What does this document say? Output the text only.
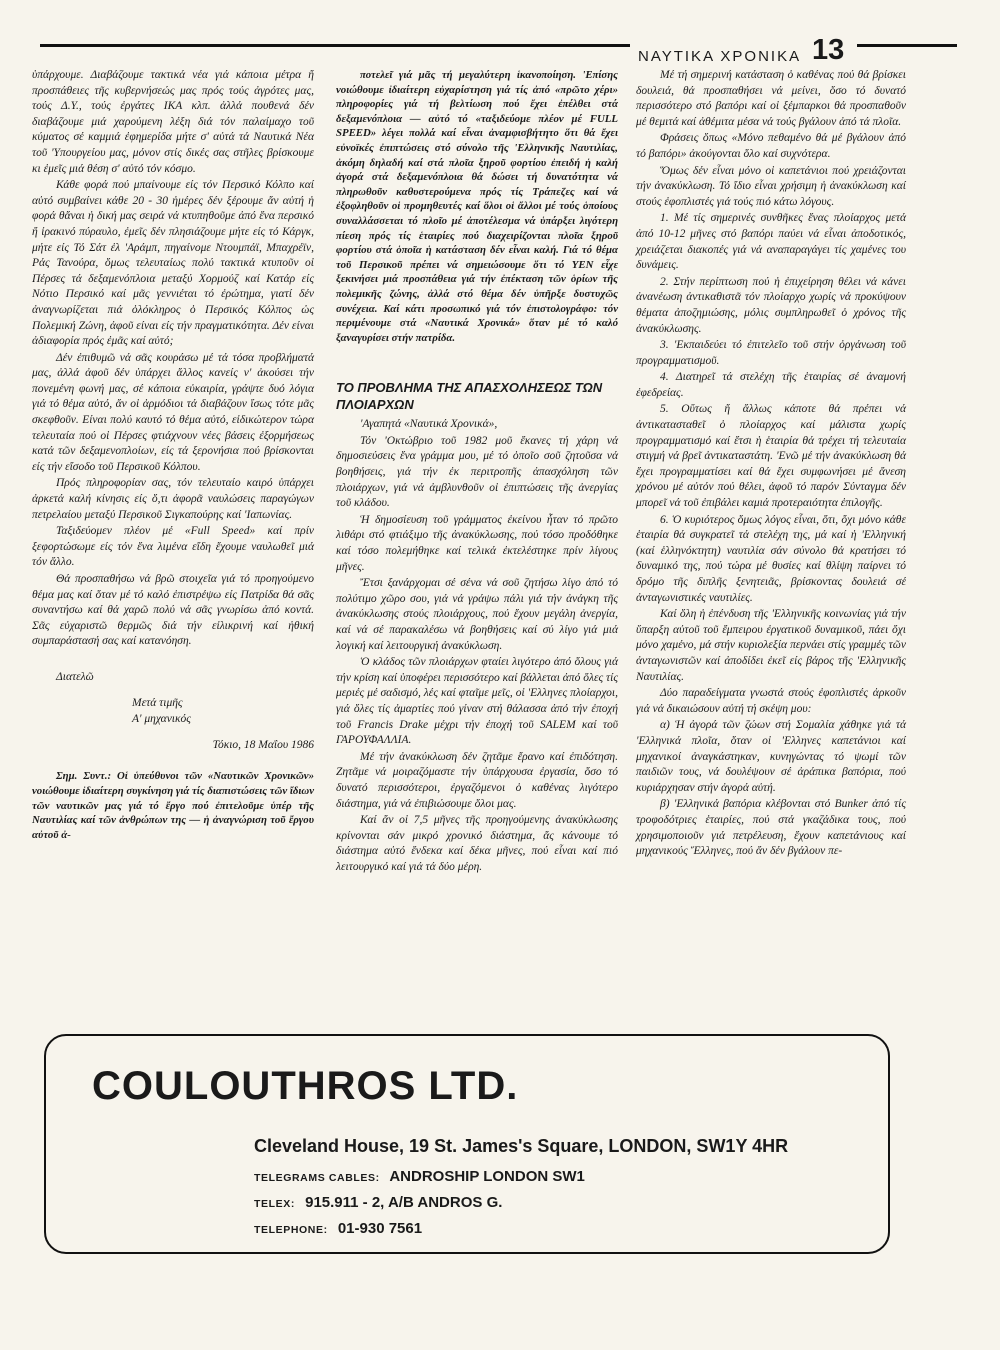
ΝΑΥΤΙΚΑ ΧΡΟΝΙΚΑ 13

ὑπάρχουμε. Διαβάζουμε τακτικά νέα γιά κάποια μέτρα ἤ προσπάθειες τῆς κυβερνήσεώς μας πρός τούς ἀγρότες μας, τούς Δ.Υ., τούς ἐργάτες ΙΚΑ κλπ. ἀλλά πουθενά δέν διαβάζουμε μιά χαρούμενη λέξη διά τόν παλαίμαχο τοῦ κύματος σέ καμμιά ἐφημερίδα μήτε σ' αὐτά τά Ναυτικά Νέα τοῦ 'Υπουργείου μας, μόνον στίς δικές σας στῆλες βρίσκουμε κι ἐμεῖς μιά θέση σ' αὐτό τόν κόσμο.

Κάθε φορά πού μπαίνουμε είς τόν Περσικό Κόλπο καί αὐτό συμβαίνει κάθε 20 - 30 ἡμέρες δέν ξέρουμε ἄν αὐτή ἡ φορά θἄναι ἡ δική μας σειρά νά κτυπηθοῦμε ἀπό ἕνα περσικό ἤ ἰρακινό πύραυλο, ἐμεῖς δέν πλησιάζουμε μήτε είς τό Κάργκ, μήτε είς Τό Σάτ ἐλ 'Αράμπ, πηγαίνομε Ντουμπάϊ, Μπαχρέϊν, Ράς Τανούρα, ὅμως τελευταίως πολύ τακτικά κτυποῦν οἱ Πέρσες τά δεξαμενόπλοια μεταξύ Χορμούζ καί Κατάρ είς Νότιο Περσικό καί μᾶς γεννιέται τό ἐρώτημα, γιατί δέν ἀναγνωρίζεται πιά ὁλόκληρος ὁ Περσικός Κόλπος ὡς Πολεμική Ζώνη, ἀφοῦ είναι είς τήν πραγματικότητα. Δέν είναι ἀδιαφορία πρός ἐμᾶς καί αὐτό;

Δέν ἐπιθυμῶ νά σᾶς κουράσω μέ τά τόσα προβλήματά μας, ἀλλά ἀφοῦ δέν ὑπάρχει ἄλλος κανείς ν' ἀκούσει τήν πονεμένη φωνή μας, σέ κάποια εὐκαιρία, γράψτε δυό λόγια γιά τό θέμα αὐτό, ἄν οἱ ἁρμόδιοι τά διαβάζουν ἴσως τότε μᾶς σκεφθοῦν. Είναι πολύ καυτό τό θέμα αὐτό, εἰδικώτερον τώρα τελευταία πού οἱ Πέρσες φτιάχνουν νέες βάσεις ἐξορμήσεως κατά τῶν δεξαμενοπλοίων, είς τά ξερονήσια πού βρίσκονται είς τήν εἴσοδο τοῦ Περσικοῦ Κόλπου.

Πρός πληροφορίαν σας, τόν τελευταίο καιρό ὑπάρχει ἀρκετά καλή κίνησις είς ὅ,τι ἀφορᾶ ναυλώσεις παραγώγων πετρελαίου μεταξύ Περσικοῦ Σιγκαπούρης καί 'Ιαπωνίας.

Ταξιδεύομεν πλέον μέ «Full Speed» καί πρίν ξεφορτώσωμε είς τόν ἕνα λιμένα εἴδη ἔχουμε ναυλωθεῖ μιά τόν ἄλλο.

Θά προσπαθήσω νά βρῶ στοιχεῖα γιά τό προηγούμενο θέμα μας καί ὅταν μέ τό καλό ἐπιστρέψω είς Πατρίδα θά σᾶς συναντήσω καί θά χαρῶ πολύ νά σᾶς γνωρίσω ἀπό κοντά. Σᾶς εὐχαριστῶ θερμῶς διά τήν εἰλικρινή καί ἠθική συμπαράστασή σας καί κατανόηση.

Διατελῶ

Μετά τιμῆς

Α' μηχανικός

Τόκιο, 18 Μαΐου 1986

Σημ. Συντ.: Οἱ ὑπεύθυνοι τῶν «Ναυτικῶν Χρονικῶν» νοιώθουμε ἰδιαίτερη συγκίνηση γιά τίς διαπιστώσεις τῶν ἴδιων τῶν ναυτικῶν μας γιά τό ἔργο πού ἐπιτελοῦμε ὑπέρ τῆς Ναυτιλίας καί τῶν ἀνθρώπων της — ἡ ἀναγνώριση τοῦ ἔργου αὐτοῦ ἀ-

ποτελεῖ γιά μᾶς τή μεγαλύτερη ἱκανοποίηση. 'Επίσης νοιώθουμε ἰδιαίτερη εὐχαρίστηση γιά τίς ἀπό «πρῶτο χέρι» πληροφορίες γιά τή βελτίωση πού ἔχει ἐπέλθει στά δεξαμενόπλοια — αὐτό τό «ταξιδεύομε πλέον μέ FULL SPEED» λέγει πολλά καί εἶναι ἀναμφισβήτητο ὅτι θά ἔχει εὐνοϊκές ἐπιπτώσεις στό σύνολο τῆς 'Ελληνικῆς Ναυτιλίας, ἀκόμη δηλαδή καί στά πλοῖα ξηροῦ φορτίου ἐπειδή ἡ καλή ἀγορά στά δεξαμενόπλοια θά δώσει τή δυνατότητα νά πληρωθοῦν καθυστερούμενα πρός τίς Τράπεζες καί νά ἐξοφληθοῦν οἱ προμηθευτές καί ὅλοι οἱ ἄλλοι μέ τούς ὁποίους συναλλάσσεται τό πλοῖο μέ ἀποτέλεσμα νά ὑπάρξει λιγότερη πίεση πρός τίς ἑταιρίες πού διαχειρίζονται πλοῖα ξηροῦ φορτίου στά ὁποῖα ἡ κατάσταση δέν εἶναι καλή. Γιά τό θέμα τοῦ Περσικοῦ πρέπει νά σημειώσουμε ὅτι τό ΥΕΝ εἶχε ξεκινήσει μιά προσπάθεια γιά τήν ἐπέκταση τῶν ὁρίων τῆς πολεμικῆς ζώνης, ἀλλά στό θέμα δέν ὑπῆρξε δυστυχῶς συνέχεια. Καί κάτι προσωπικό γιά τόν ἐπιστολογράφο: τόν περιμένουμε στά «Ναυτικά Χρονικά» ὅταν μέ τό καλό ξαναγυρίσει στήν πατρίδα.

ΤΟ ΠΡΟΒΛΗΜΑ ΤΗΣ ΑΠΑΣΧΟΛΗΣΕΩΣ ΤΩΝ ΠΛΟΙΑΡΧΩΝ

'Αγαπητά «Ναυτικά Χρονικά»,

Τόν 'Οκτώβριο τοῦ 1982 μοῦ ἔκανες τή χάρη νά δημοσιεύσεις ἕνα γράμμα μου, μέ τό ὁποῖο σοῦ ζητοῦσα νά βοηθήσεις, γιά τήν ἐκ περιτροπῆς ἀπασχόληση τῶν πλοιάρχων, γιά νά ἀμβλυνθοῦν οἱ ἐπιπτώσεις τῆς ἀνεργίας τοῦ κλάδου.

Ἡ δημοσίευση τοῦ γράμματος ἐκείνου ἦταν τό πρῶτο λιθάρι στό φτιάξιμο τῆς ἀνακύκλωσης, πού τόσο προδόθηκε καί τόσο πολεμήθηκε καί τελικά ἐκτελέστηκε πρίν λίγους μῆνες.

Ἔτσι ξανάρχομαι σέ σένα νά σοῦ ζητήσω λίγο ἀπό τό πολύτιμο χῶρο σου, γιά νά γράψω πάλι γιά τήν ἀνάγκη τῆς ἀνακύκλωσης στούς πλοιάρχους, πού ἔχουν μεγάλη ἀνεργία, καί νά σέ παρακαλέσω νά βοηθήσεις καί σύ λίγο γιά μιά λογική καί λειτουργική ἀνακύκλωση.

Ὁ κλάδος τῶν πλοιάρχων φταίει λιγότερο ἀπό ὅλους γιά τήν κρίση καί ὑποφέρει περισσότερο καί βάλλεται ἀπό ὅλες τίς μεριές μέ σαδισμό, λές καί φταῖμε μεῖς, οἱ 'Ελληνες πλοίαρχοι, γιά ὅλες τίς ἁμαρτίες πού γίναν στή θάλασσα ἀπό τήν ἐποχή τοῦ Francis Drake μέχρι τήν ἐποχή τοῦ SALEM καί τοῦ ΓΑΡΟΥΦΑΛΛΙΑ.

Μέ τήν ἀνακύκλωση δέν ζητᾶμε ἔρανο καί ἐπιδότηση. Ζητᾶμε νά μοιραζόμαστε τήν ὑπάρχουσα ἐργασία, ὅσο τό δυνατό περισσότεροι, ἐργαζόμενοι ὁ καθένας λιγότερο διάστημα, γιά νά ἐπιβιώσουμε ὅλοι μας.

Καί ἄν οἱ 7,5 μῆνες τῆς προηγούμενης ἀνακύκλωσης κρίνονται σάν μικρό χρονικό διάστημα, ἄς κάνουμε τό διάστημα αὐτό ἔνδεκα καί δέκα μῆνες, πού εἶναι καί πιό λειτουργικό καί γιά τά δύο μέρη.

Μέ τή σημερινή κατάσταση ὁ καθένας πού θά βρίσκει δουλειά, θά προσπαθήσει νά μείνει, ὅσο τό δυνατό περισσότερο στό βαπόρι καί οἱ ξέμπαρκοι θά προσπαθοῦν μέ θεμιτά καί ἀθέμιτα μέσα νά τούς βγάλουν ἀπό τά πλοῖα.

Φράσεις ὅπως «Μόνο πεθαμένο θά μέ βγάλουν ἀπό τό βαπόρι» ἀκούγονται ὅλο καί συχνότερα.

Ὅμως δέν εἶναι μόνο οἱ καπετάνιοι πού χρειάζονται τήν ἀνακύκλωση. Τό ἴδιο εἶναι χρήσιμη ἡ ἀνακύκλωση καί στούς ἐφοπλιστές γιά τούς πιό κάτω λόγους.

1. Μέ τίς σημερινές συνθῆκες ἕνας πλοίαρχος μετά ἀπό 10-12 μῆνες στό βαπόρι παύει νά εἶναι ἀποδοτικός, χρειάζεται διακοπές γιά νά αναπαραγάγει τίς χαμένες του δυνάμεις.

2. Στήν περίπτωση πού ἡ ἐπιχείρηση θέλει νά κάνει ἀνανέωση ἀντικαθιστᾶ τόν πλοίαρχο χωρίς νά προκύψουν θέματα ἀποζημιώσης, μόλις συμπληρωθεῖ ὁ χρόνος τῆς ἀνακύκλωσης.

3. 'Εκπαιδεύει τό ἐπιτελεῖο τοῦ στήν ὀργάνωση τοῦ προγραμματισμοῦ.

4. Διατηρεῖ τά στελέχη τῆς ἑταιρίας σέ ἀναμονή ἐφεδρείας.

5. Οὕτως ἤ ἄλλως κάποτε θά πρέπει νά ἀντικατασταθεῖ ὁ πλοίαρχος καί μάλιστα χωρίς προγραμματισμό καί ἔτσι ἡ ἑταιρία θά τρέχει τή τελευταία στιγμή νά βρεῖ ἀντικαταστάτη. 'Ενῶ μέ τήν ἀνακύκλωση θά ἔχει προγραμματίσει καί θά ἔχει συμφωνήσει μέ ἄνεση χρόνου μέ αὐτόν πού θέλει, ἀφοῦ τό παρόν Σύνταγμα δέν μπορεῖ νά τοῦ ἐπιβάλει καμιά προτεραιότητα ἐπιλογῆς.

6. Ὁ κυριότερος ὅμως λόγος εἶναι, ὅτι, ὄχι μόνο κάθε ἑταιρία θά συγκρατεῖ τά στελέχη της, μά καί ἡ 'Ελληνική (καί ἑλληνόκτητη) ναυτιλία σάν σύνολο θά κρατήσει τό δυναμικό της, πού τώρα μέ θυσίες καί θλίψη παίρνει τό δρόμο τῆς διπλῆς ξενητειᾶς, βρίσκοντας δουλειά σέ ἀνταγωνιστικές ναυτιλίες.

Καί ὅλη ἡ ἐπένδυση τῆς 'Ελληνικῆς κοινωνίας γιά τήν ὕπαρξη αὐτοῦ τοῦ ἔμπειρου ἐργατικοῦ δυναμικοῦ, πάει ὄχι μόνο χαμένο, μά στήν κυριολεξία περνάει στίς γραμμές τῶν ἀνταγωνιστῶν καί ἀποδίδει ἐκεῖ είς βάρος τῆς 'Ελληνικῆς Ναυτιλίας.

Δύο παραδείγματα γνωστά στούς ἐφοπλιστές ἀρκοῦν γιά νά δικαιώσουν αὐτή τή σκέψη μου:

α) Ἡ ἀγορά τῶν ζώων στή Σομαλία χάθηκε γιά τά 'Ελληνικά πλοῖα, ὅταν οἱ 'Ελληνες καπετάνιοι καί μηχανικοί ἀναγκάστηκαν, κυνηγώντας τό ψωμί τῶν παιδιῶν τους, νά δουλέψουν σέ ἀράπικα βαπόρια, πού κυριάρχησαν στήν ἀγορά αὐτή.

β) 'Ελληνικά βαπόρια κλέβονται στό Bunker ἀπό τίς τροφοδότριες ἑταιρίες, πού στά γκαζάδικα τους, πού χρησιμοποιοῦν γιά πετρέλευση, ἔχουν καπετάνιους καί μηχανικούς Ἕλληνες, πού ἄν δέν βγάλουν πε-

COULOUTHROS LTD.
Cleveland House, 19 St. James's Square, LONDON, SW1Y 4HR
TELEGRAMS CABLES: ANDROSHIP LONDON SW1
TELEX: 915.911 - 2, A/B ANDROS G.
TELEPHONE: 01-930 7561
